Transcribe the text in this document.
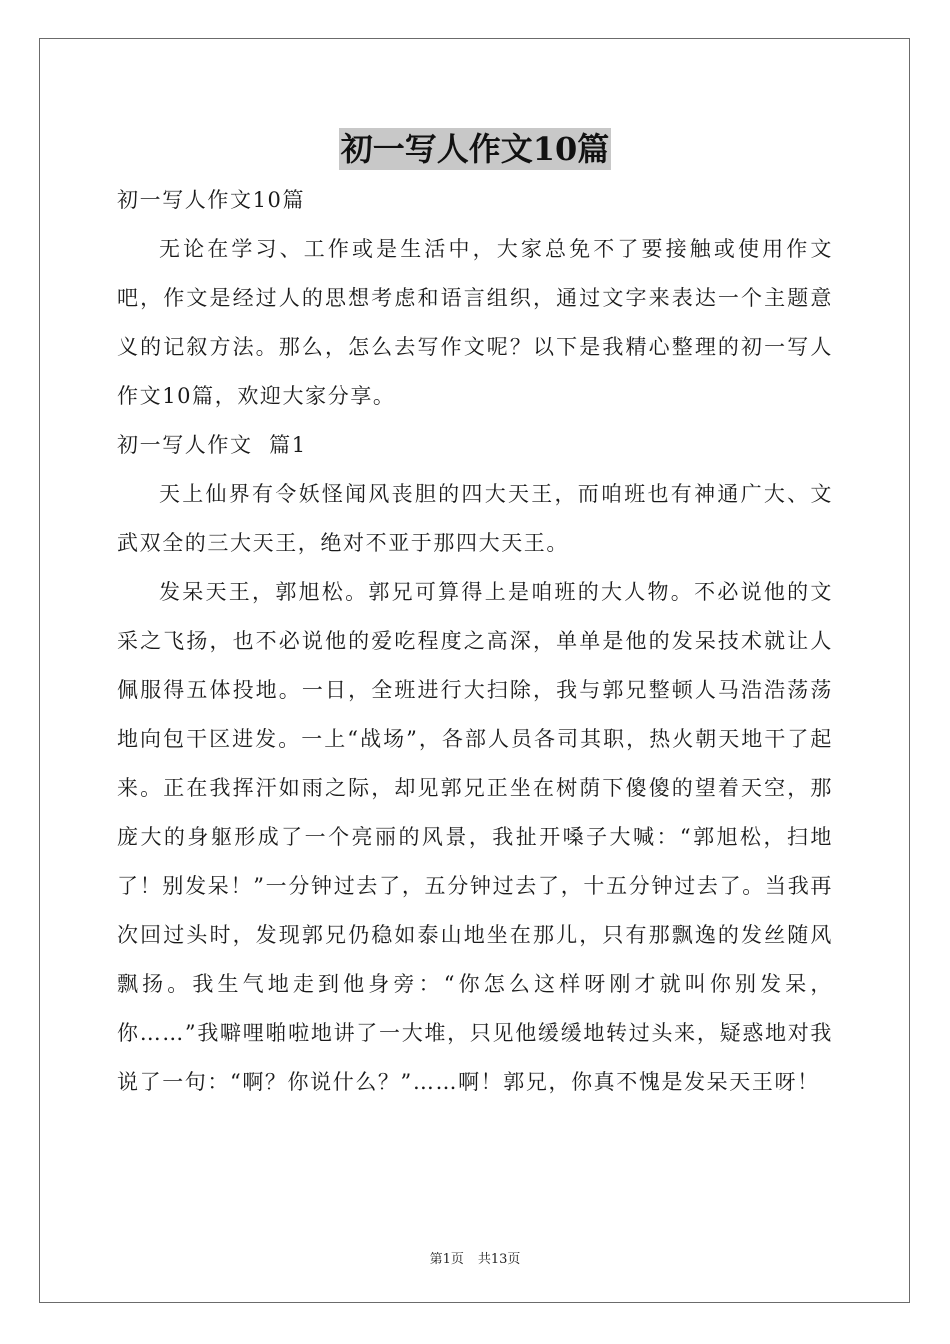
初一写人作文10篇

初一写人作文10篇

无论在学习、工作或是生活中，大家总免不了要接触或使用作文吧，作文是经过人的思想考虑和语言组织，通过文字来表达一个主题意义的记叙方法。那么，怎么去写作文呢？以下是我精心整理的初一写人作文10篇，欢迎大家分享。

初一写人作文  篇1

天上仙界有令妖怪闻风丧胆的四大天王，而咱班也有神通广大、文武双全的三大天王，绝对不亚于那四大天王。

发呆天王，郭旭松。郭兄可算得上是咱班的大人物。不必说他的文采之飞扬，也不必说他的爱吃程度之高深，单单是他的发呆技术就让人佩服得五体投地。一日，全班进行大扫除，我与郭兄整顿人马浩浩荡荡地向包干区进发。一上“战场”，各部人员各司其职，热火朝天地干了起来。正在我挥汗如雨之际，却见郭兄正坐在树荫下傻傻的望着天空，那庞大的身躯形成了一个亮丽的风景，我扯开嗓子大喊：“郭旭松，扫地了！别发呆！”一分钟过去了，五分钟过去了，十五分钟过去了。当我再次回过头时，发现郭兄仍稳如泰山地坐在那儿，只有那飘逸的发丝随风飘扬。我生气地走到他身旁：“你怎么这样呀刚才就叫你别发呆，你……”我噼哩啪啦地讲了一大堆，只见他缓缓地转过头来，疑惑地对我说了一句：“啊？你说什么？”……啊！郭兄，你真不愧是发呆天王呀！

第1页 共13页
